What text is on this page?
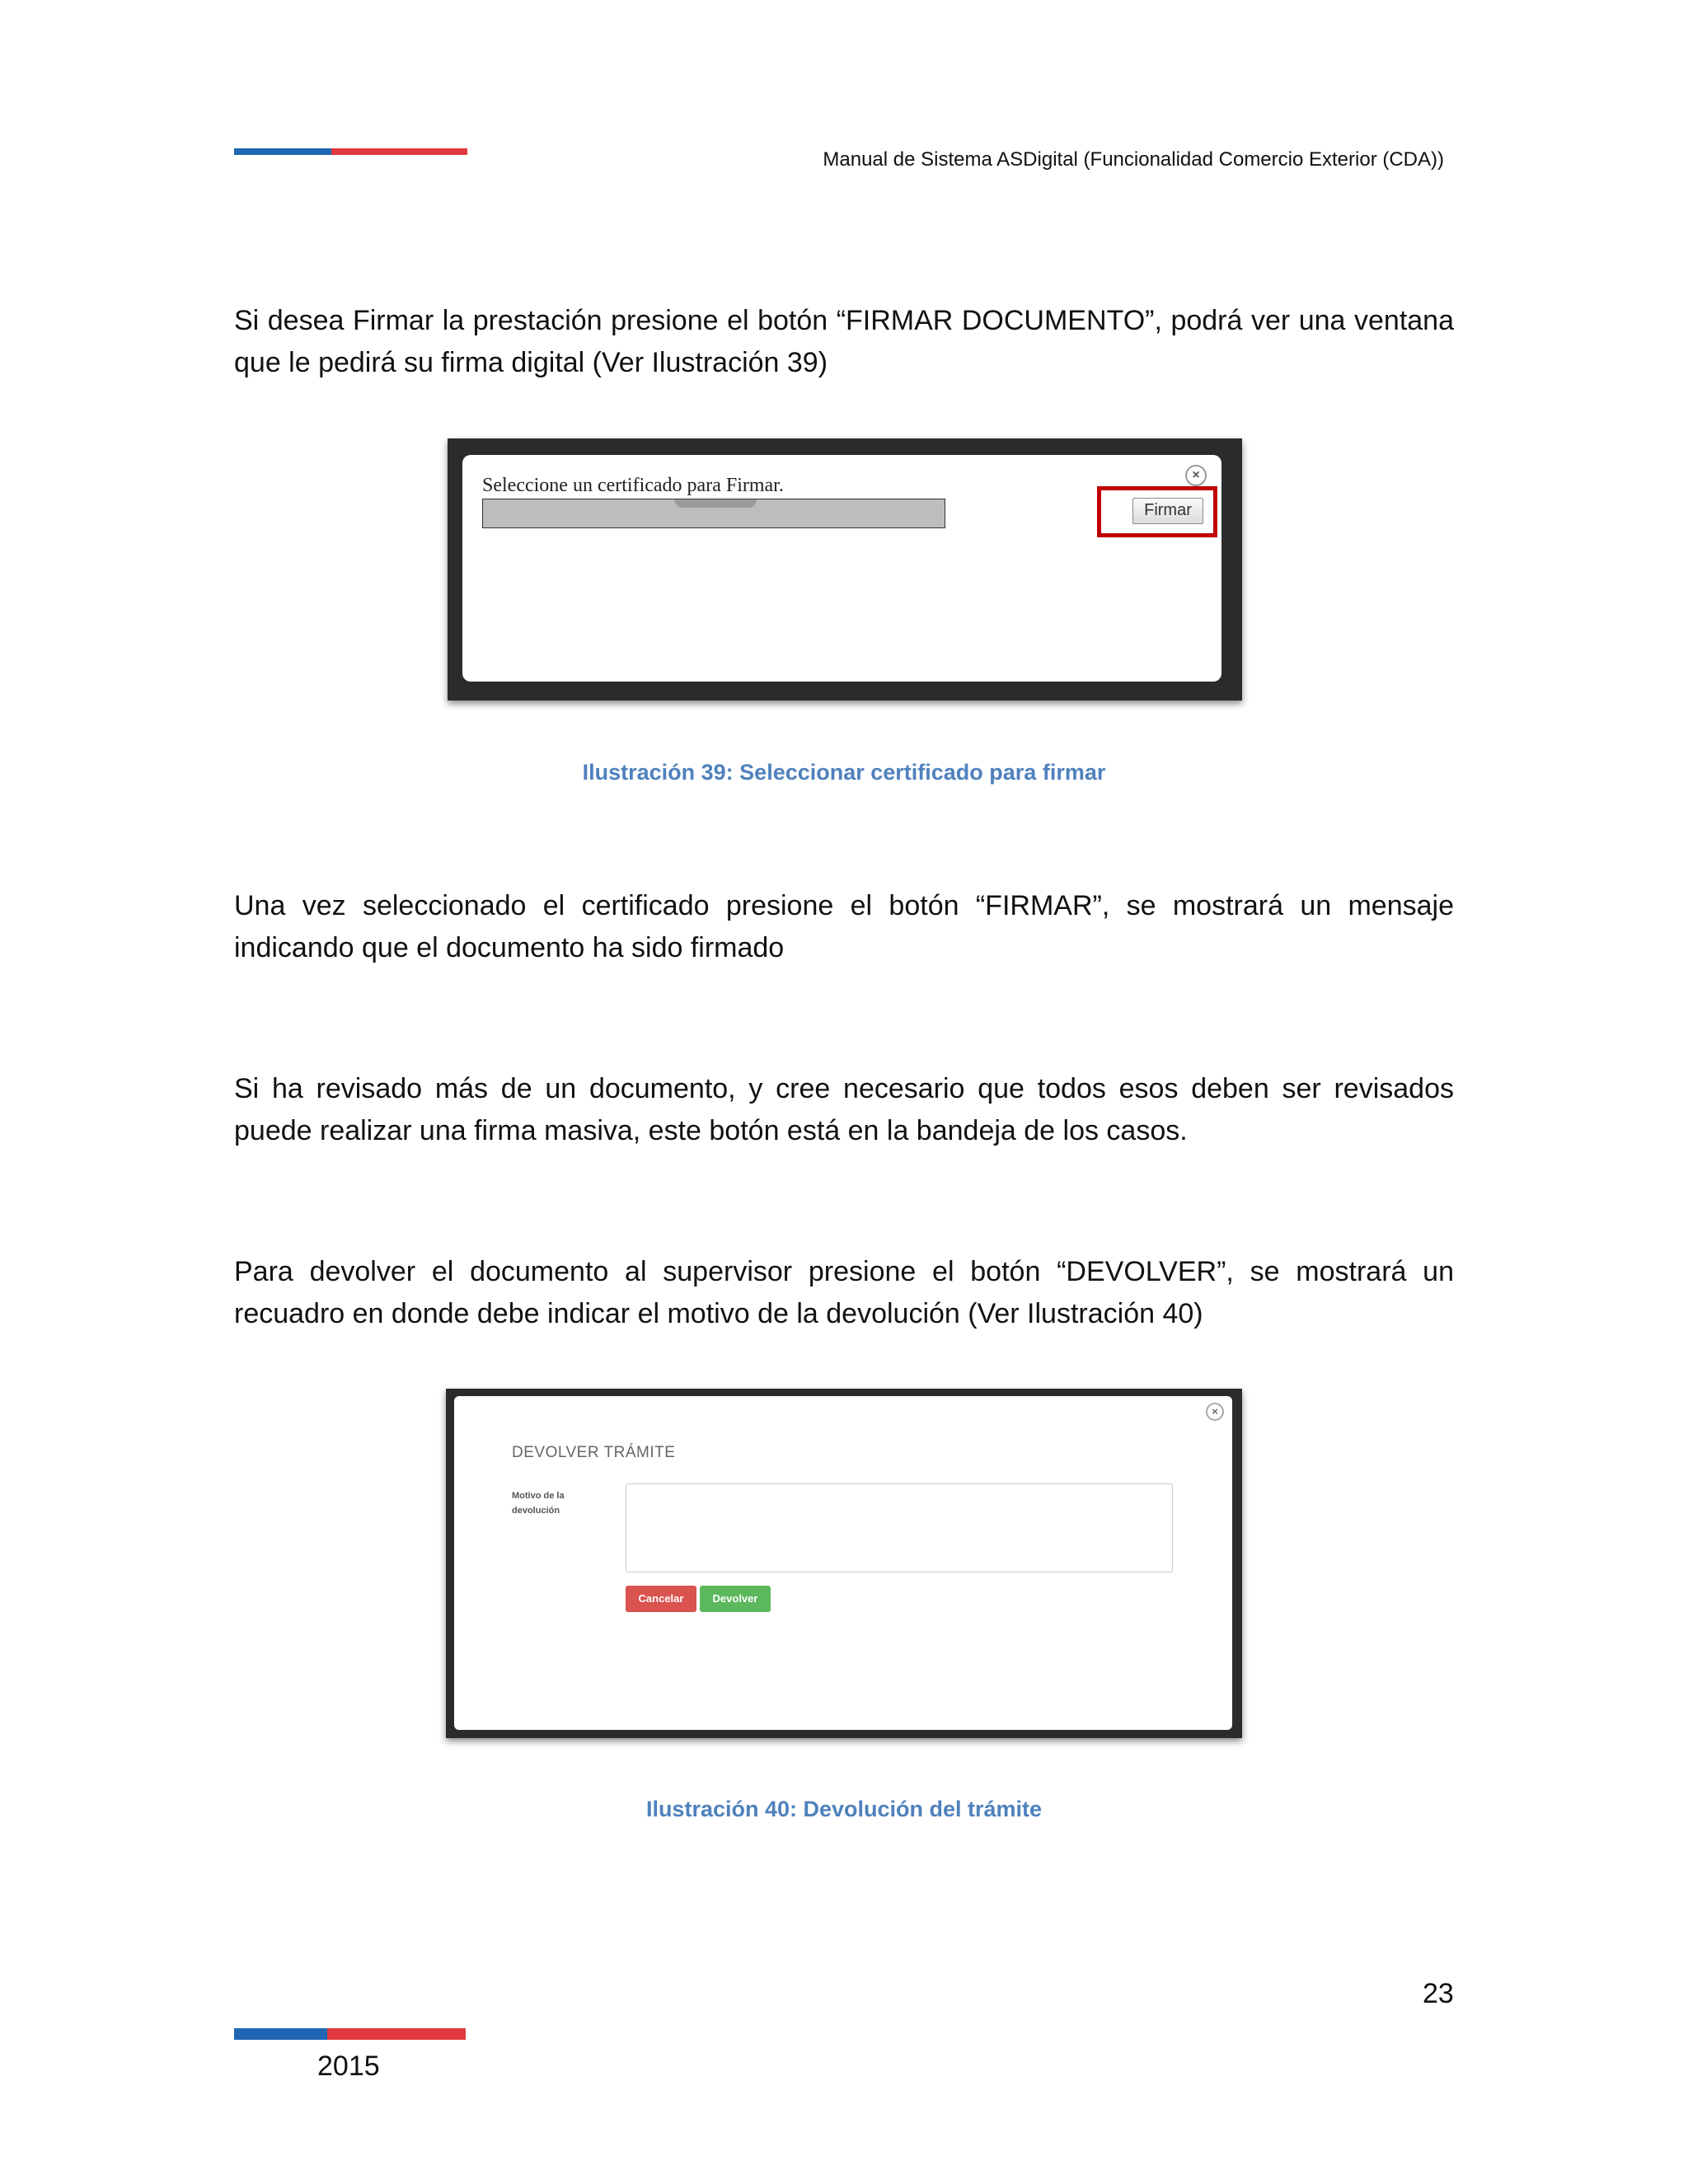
Manual de Sistema ASDigital (Funcionalidad Comercio Exterior (CDA))
Si desea Firmar la prestación presione el botón “FIRMAR DOCUMENTO”, podrá ver una ventana que le pedirá su firma digital (Ver Ilustración 39)
Seleccione un certificado para Firmar.
Firmar
×
Ilustración 39: Seleccionar certificado para firmar
Una vez seleccionado el certificado presione el botón “FIRMAR”, se mostrará un mensaje indicando que el documento ha sido firmado
Si ha revisado más de un documento, y cree necesario que todos esos deben ser revisados puede realizar una firma masiva, este botón está en la bandeja de los casos.
Para devolver el documento al supervisor presione el botón “DEVOLVER”, se mostrará un recuadro en donde debe indicar el motivo de la devolución (Ver Ilustración 40)
×
DEVOLVER TRÁMITE
Motivo de la devolución
Cancelar	Devolver
Ilustración 40: Devolución del trámite
23
2015
